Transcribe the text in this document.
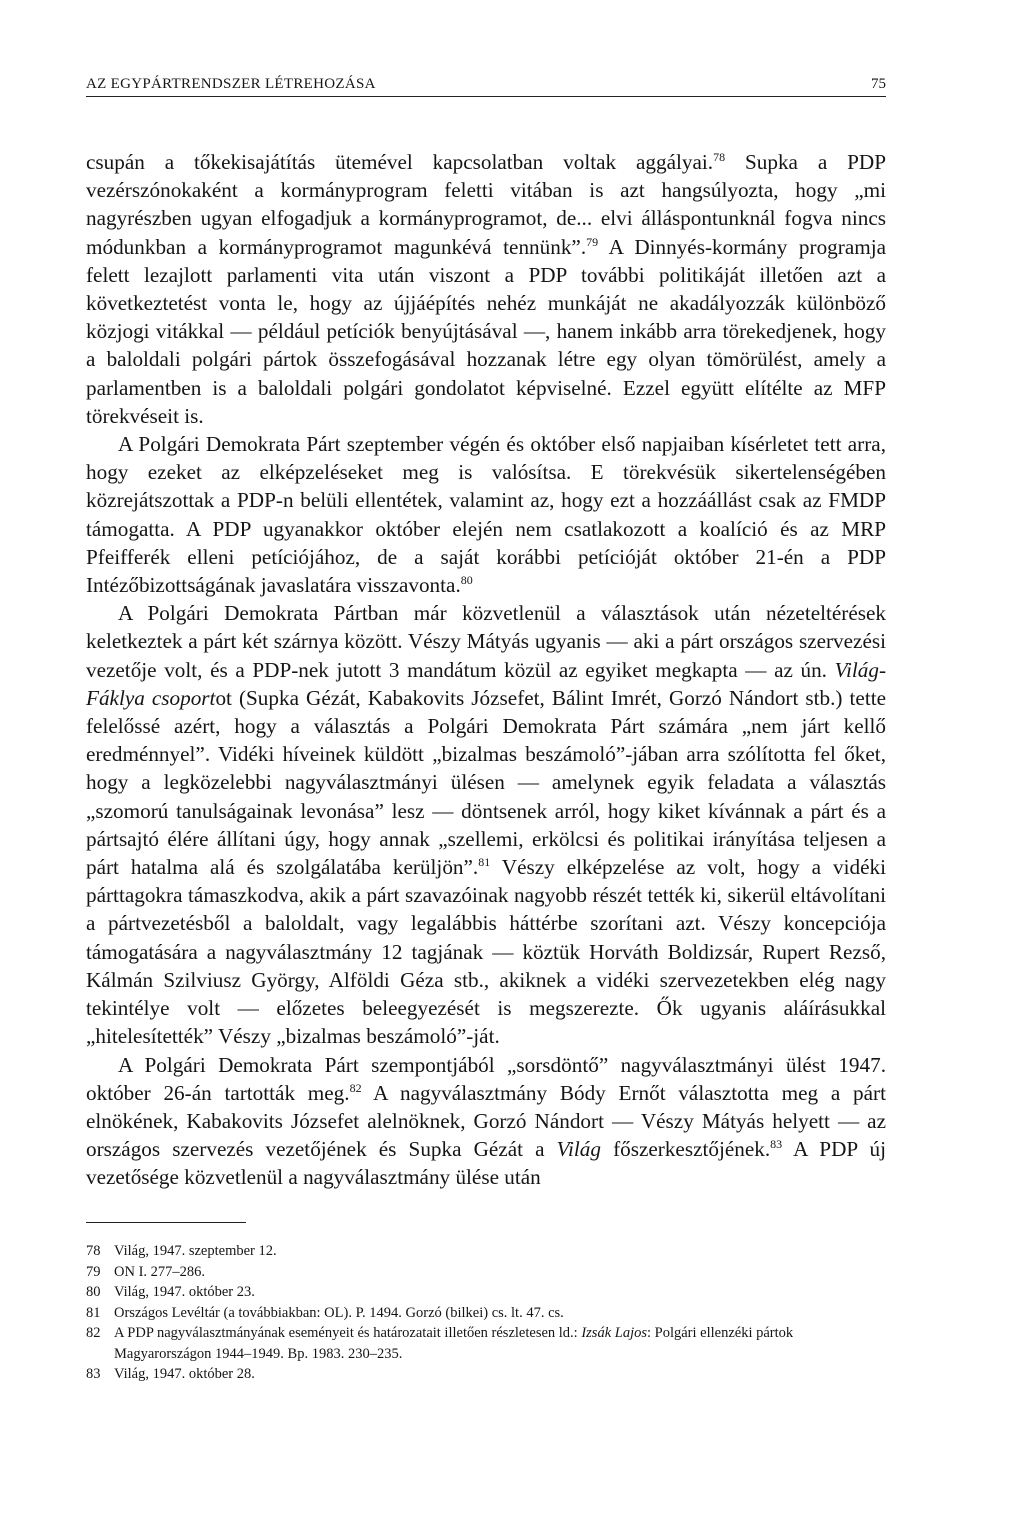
AZ EGYPÁRTRENDSZER LÉTREHOZÁSA	75

csupán a tőkekisajátítás ütemével kapcsolatban voltak aggályai.$^{78}$ Supka a PDP vezérszónokaként a kormányprogram feletti vitában is azt hangsúlyozta, hogy „mi nagyrészben ugyan elfogadjuk a kormányprogramot, de... elvi álláspontunknál fogva nincs módunkban a kormányprogramot magunkévá tennünk”.$^{79}$ A Dinnyés-kormány programja felett lezajlott parlamenti vita után viszont a PDP további politikáját illetően azt a következtetést vonta le, hogy az újjáépítés nehéz munkáját ne akadályozzák különböző közjogi vitákkal — például petíciók benyújtásával —, hanem inkább arra törekedjenek, hogy a baloldali polgári pártok összefogásával hozzanak létre egy olyan tömörülést, amely a parlamentben is a baloldali polgári gondolatot képviselné. Ezzel együtt elítélte az MFP törekvéseit is.

A Polgári Demokrata Párt szeptember végén és október első napjaiban kísérletet tett arra, hogy ezeket az elképzeléseket meg is valósítsa. E törekvésük sikertelenségében közrejátszottak a PDP-n belüli ellentétek, valamint az, hogy ezt a hozzáállást csak az FMDP támogatta. A PDP ugyanakkor október elején nem csatlakozott a koalíció és az MRP Pfeifferék elleni petíciójához, de a saját korábbi petícióját október 21-én a PDP Intézőbizottságának javaslatára visszavonta.$^{80}$

A Polgári Demokrata Pártban már közvetlenül a választások után nézeteltérések keletkeztek a párt két szárnya között. Vészy Mátyás ugyanis — aki a párt országos szervezési vezetője volt, és a PDP-nek jutott 3 mandátum közül az egyiket megkapta — az ún. Világ-Fáklya csoportot (Supka Gézát, Kabakovits Józsefet, Bálint Imrét, Gorzó Nándort stb.) tette felelőssé azért, hogy a választás a Polgári Demokrata Párt számára „nem járt kellő eredménnyel”. Vidéki híveinek küldött „bizalmas beszámoló”-jában arra szólította fel őket, hogy a legközelebbi nagyválasztmányi ülésen — amelynek egyik feladata a választás „szomorú tanulságainak levonása” lesz — döntsenek arról, hogy kiket kívánnak a párt és a pártsajtó élére állítani úgy, hogy annak „szellemi, erkölcsi és politikai irányítása teljesen a párt hatalma alá és szolgálatába kerüljön”.$^{81}$ Vészy elképzelése az volt, hogy a vidéki párttagokra támaszkodva, akik a párt szavazóinak nagyobb részét tették ki, sikerül eltávolítani a pártvezetésből a baloldalt, vagy legalábbis háttérbe szorítani azt. Vészy koncepciója támogatására a nagyválasztmány 12 tagjának — köztük Horváth Boldizsár, Rupert Rezső, Kálmán Szilviusz György, Alföldi Géza stb., akiknek a vidéki szervezetekben elég nagy tekintélye volt — előzetes beleegyezését is megszerezte. Ők ugyanis aláírásukkal „hitelesítették” Vészy „bizalmas beszámoló”-ját.

A Polgári Demokrata Párt szempontjából „sorsdöntő” nagyválasztmányi ülést 1947. október 26-án tartották meg.$^{82}$ A nagyválasztmány Bódy Ernőt választotta meg a párt elnökének, Kabakovits Józsefet alelnöknek, Gorzó Nándort — Vészy Mátyás helyett — az országos szervezés vezetőjének és Supka Gézát a Világ főszerkesztőjének.$^{83}$ A PDP új vezetősége közvetlenül a nagyválasztmány ülése után

78 Világ, 1947. szeptember 12.
79 ON I. 277–286.
80 Világ, 1947. október 23.
81 Országos Levéltár (a továbbiakban: OL). P. 1494. Gorzó (bilkei) cs. lt. 47. cs.
82 A PDP nagyválasztmányának eseményeit és határozatait illetően részletesen ld.: Izsák Lajos: Polgári ellenzéki pártok Magyarországon 1944–1949. Bp. 1983. 230–235.
83 Világ, 1947. október 28.
